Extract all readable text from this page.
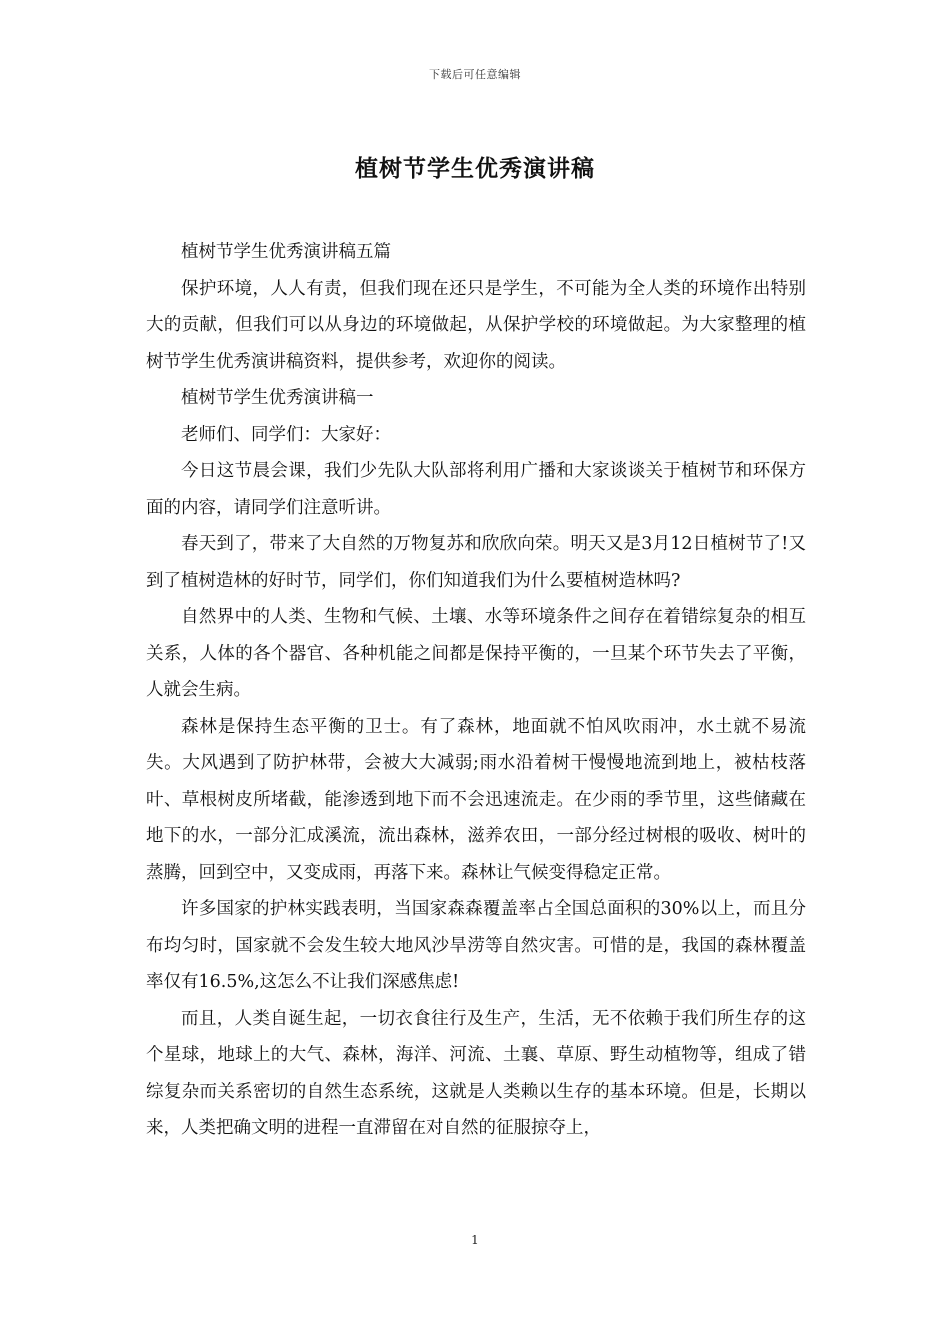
下载后可任意编辑
植树节学生优秀演讲稿

植树节学生优秀演讲稿五篇

保护环境，人人有责，但我们现在还只是学生，不可能为全人类的环境作出特别大的贡献，但我们可以从身边的环境做起，从保护学校的环境做起。为大家整理的植树节学生优秀演讲稿资料，提供参考，欢迎你的阅读。

植树节学生优秀演讲稿一

老师们、同学们：大家好：

今日这节晨会课，我们少先队大队部将利用广播和大家谈谈关于植树节和环保方面的内容，请同学们注意听讲。

春天到了，带来了大自然的万物复苏和欣欣向荣。明天又是3月12日植树节了!又到了植树造林的好时节，同学们，你们知道我们为什么要植树造林吗?

自然界中的人类、生物和气候、土壤、水等环境条件之间存在着错综复杂的相互关系，人体的各个器官、各种机能之间都是保持平衡的，一旦某个环节失去了平衡，人就会生病。

森林是保持生态平衡的卫士。有了森林，地面就不怕风吹雨冲，水土就不易流失。大风遇到了防护林带，会被大大减弱;雨水沿着树干慢慢地流到地上，被枯枝落叶、草根树皮所堵截，能渗透到地下而不会迅速流走。在少雨的季节里，这些储藏在地下的水，一部分汇成溪流，流出森林，滋养农田，一部分经过树根的吸收、树叶的蒸腾，回到空中，又变成雨，再落下来。森林让气候变得稳定正常。

许多国家的护林实践表明，当国家森森覆盖率占全国总面积的30%以上，而且分布均匀时，国家就不会发生较大地风沙旱涝等自然灾害。可惜的是，我国的森林覆盖率仅有16.5%,这怎么不让我们深感焦虑!

而且，人类自诞生起，一切衣食往行及生产，生活，无不依赖于我们所生存的这个星球，地球上的大气、森林，海洋、河流、土襄、草原、野生动植物等，组成了错综复杂而关系密切的自然生态系统，这就是人类赖以生存的基本环境。但是，长期以来，人类把确文明的进程一直滞留在对自然的征服掠夺上，

1
